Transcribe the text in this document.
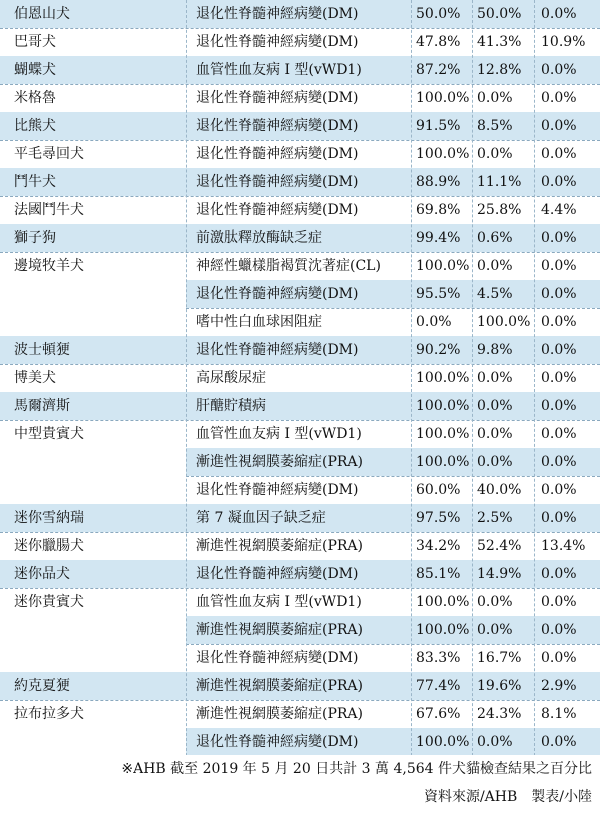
伯恩山犬	退化性脊髓神經病變(DM)	50.0% 50.0% 0.0%
巴哥犬	退化性脊髓神經病變(DM)	47.8% 41.3% 10.9%
蝴蝶犬	血管性血友病 I 型(vWD1)	87.2% 12.8% 0.0%
米格魯	退化性脊髓神經病變(DM)	100.0% 0.0% 0.0%
比熊犬	退化性脊髓神經病變(DM)	91.5% 8.5% 0.0%
平毛尋回犬	退化性脊髓神經病變(DM)	100.0% 0.0% 0.0%
鬥牛犬	退化性脊髓神經病變(DM)	88.9% 11.1% 0.0%
法國鬥牛犬	退化性脊髓神經病變(DM)	69.8% 25.8% 4.4%
獅子狗	前激肽釋放酶缺乏症	99.4% 0.6% 0.0%
邊境牧羊犬	神經性蠟樣脂褐質沈著症(CL)	100.0% 0.0% 0.0%
退化性脊髓神經病變(DM)	95.5% 4.5% 0.0%
嗜中性白血球困阻症	0.0% 100.0% 0.0%
波士頓㹴	退化性脊髓神經病變(DM)	90.2% 9.8% 0.0%
博美犬	高尿酸尿症	100.0% 0.0% 0.0%
馬爾濟斯	肝醣貯積病	100.0% 0.0% 0.0%
中型貴賓犬	血管性血友病 I 型(vWD1)	100.0% 0.0% 0.0%
漸進性視網膜萎縮症(PRA)	100.0% 0.0% 0.0%
退化性脊髓神經病變(DM)	60.0% 40.0% 0.0%
迷你雪納瑞	第 7 凝血因子缺乏症	97.5% 2.5% 0.0%
迷你臘腸犬	漸進性視網膜萎縮症(PRA)	34.2% 52.4% 13.4%
迷你品犬	退化性脊髓神經病變(DM)	85.1% 14.9% 0.0%
迷你貴賓犬	血管性血友病 I 型(vWD1)	100.0% 0.0% 0.0%
漸進性視網膜萎縮症(PRA)	100.0% 0.0% 0.0%
退化性脊髓神經病變(DM)	83.3% 16.7% 0.0%
約克夏㹴	漸進性視網膜萎縮症(PRA)	77.4% 19.6% 2.9%
拉布拉多犬	漸進性視網膜萎縮症(PRA)	67.6% 24.3% 8.1%
退化性脊髓神經病變(DM)	100.0% 0.0% 0.0%
※AHB 截至 2019 年 5 月 20 日共計 3 萬 4,564 件犬貓檢查結果之百分比
資料來源/AHB　製表/小陸
